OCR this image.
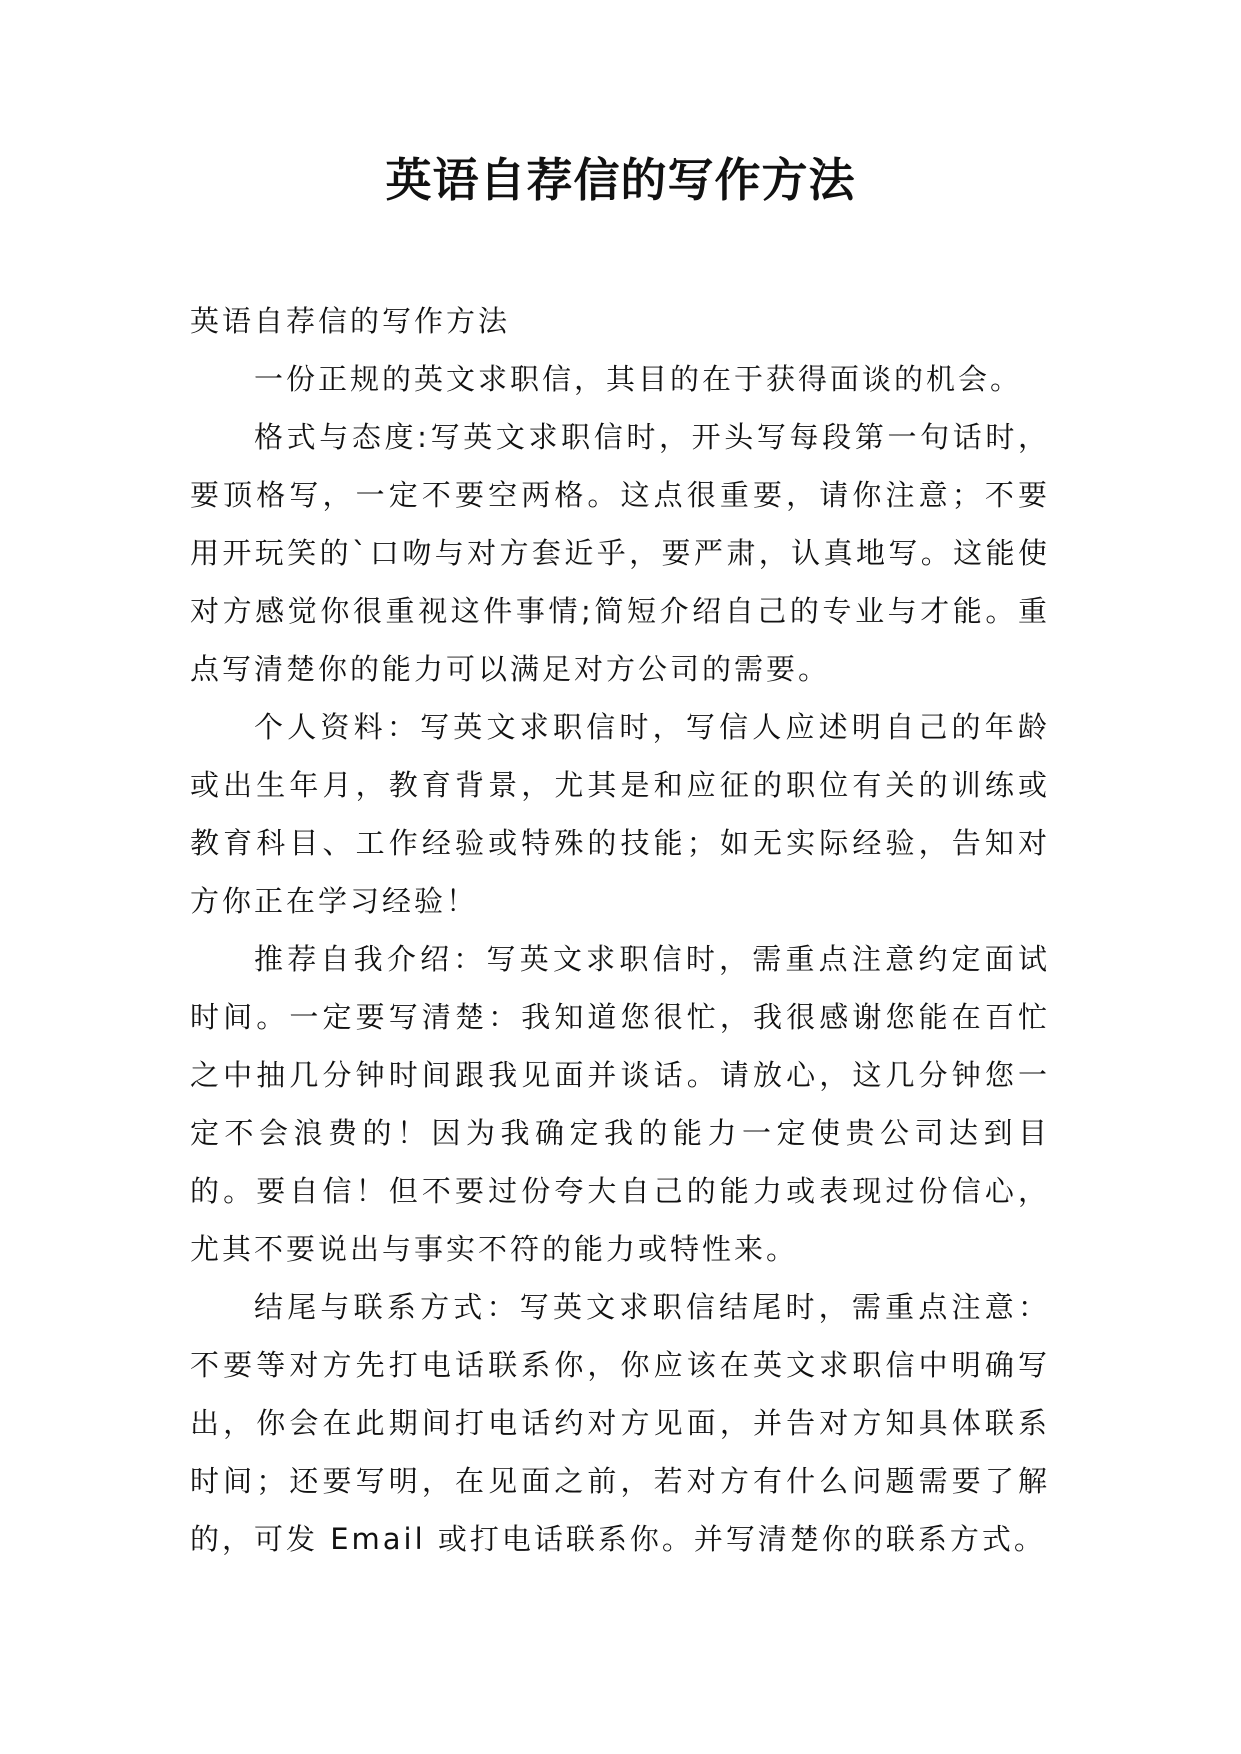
英语自荐信的写作方法

英语自荐信的写作方法

一份正规的英文求职信，其目的在于获得面谈的机会。

格式与态度:写英文求职信时，开头写每段第一句话时，要顶格写，一定不要空两格。这点很重要，请你注意；不要用开玩笑的`口吻与对方套近乎，要严肃，认真地写。这能使对方感觉你很重视这件事情;简短介绍自己的专业与才能。重点写清楚你的能力可以满足对方公司的需要。

个人资料：写英文求职信时，写信人应述明自己的年龄或出生年月，教育背景，尤其是和应征的职位有关的训练或教育科目、工作经验或特殊的技能；如无实际经验，告知对方你正在学习经验！

推荐自我介绍：写英文求职信时，需重点注意约定面试时间。一定要写清楚：我知道您很忙，我很感谢您能在百忙之中抽几分钟时间跟我见面并谈话。请放心，这几分钟您一定不会浪费的！因为我确定我的能力一定使贵公司达到目的。要自信！但不要过份夸大自己的能力或表现过份信心，尤其不要说出与事实不符的能力或特性来。

结尾与联系方式：写英文求职信结尾时，需重点注意：不要等对方先打电话联系你，你应该在英文求职信中明确写出，你会在此期间打电话约对方见面，并告对方知具体联系时间；还要写明，在见面之前，若对方有什么问题需要了解的，可发 Email 或打电话联系你。并写清楚你的联系方式。
